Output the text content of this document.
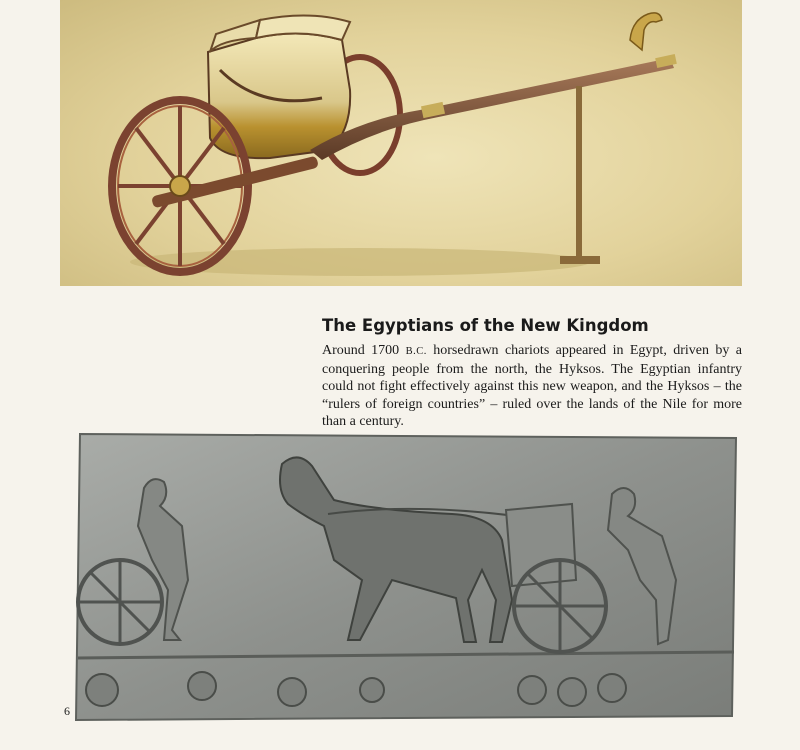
The Egyptians of the New Kingdom

Around 1700 B.C. horsedrawn chariots appeared in Egypt, driven by a conquering people from the north, the Hyksos. The Egyptian infantry could not fight effectively against this new weapon, and the Hyksos – the “rulers of foreign countries” – ruled over the lands of the Nile for more than a century.

6
